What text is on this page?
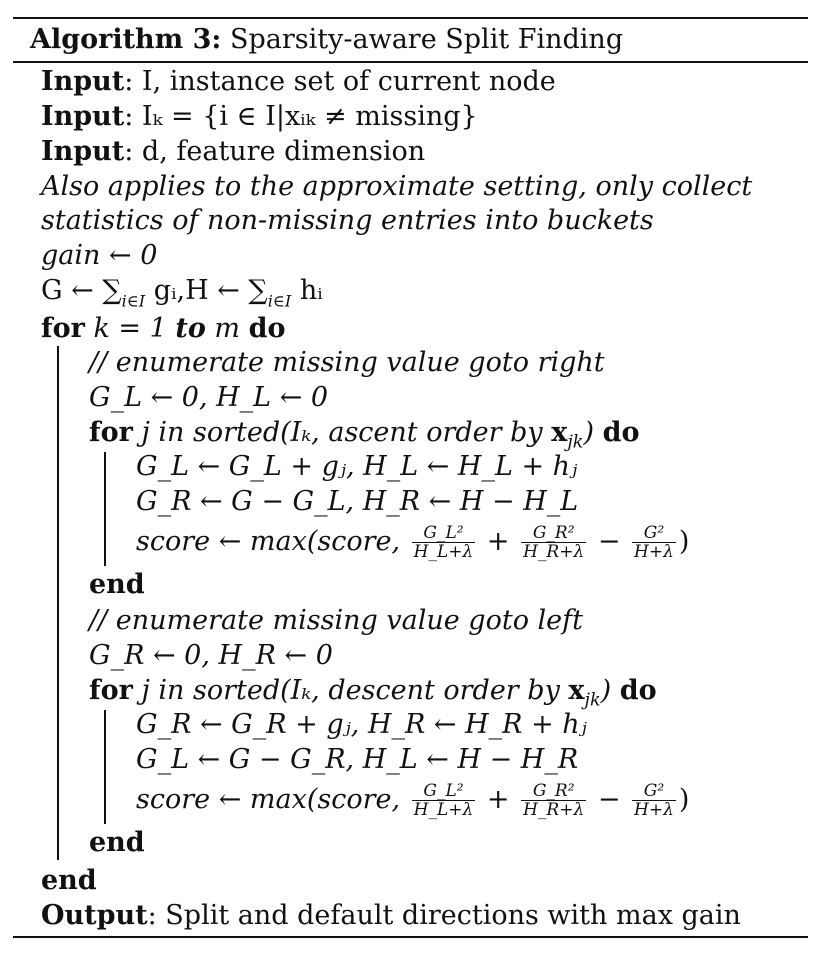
Algorithm 3: Sparsity-aware Split Finding
Input: I, instance set of current node
Input: Iₖ = {i ∈ I|xᵢₖ ≠ missing}
Input: d, feature dimension
Also applies to the approximate setting, only collect
statistics of non-missing entries into buckets
gain ← 0
G ← $\sum_{i\in I}$ gᵢ,H ← $\sum_{i\in I}$ hᵢ
for k = 1 to m do
// enumerate missing value goto right
G_L ← 0, H_L ← 0
for j in sorted(Iₖ, ascent order by $x_{jk}$) do
G_L ← G_L + gⱼ, H_L ← H_L + hⱼ
G_R ← G − G_L, H_R ← H − H_L
score ← max(score, $\frac{\text{G\_L²}}{H\_L+\lambda} + \frac{\text{G\_R²}}{H\_R+\lambda} - \frac{\text{G²}}{H+\lambda}$ )
end
// enumerate missing value goto left
G_R ← 0, H_R ← 0
for j in sorted(Iₖ, descent order by $x_{jk}$) do
G_R ← G_R + gⱼ, H_R ← H_R + hⱼ
G_L ← G − G_R, H_L ← H − H_R
score ← max(score, $\frac{\text{G\_L²}}{H\_L+\lambda} + \frac{\text{G\_R²}}{H\_R+\lambda} - \frac{\text{G²}}{H+\lambda}$ )
end
end
Output: Split and default directions with max gain
